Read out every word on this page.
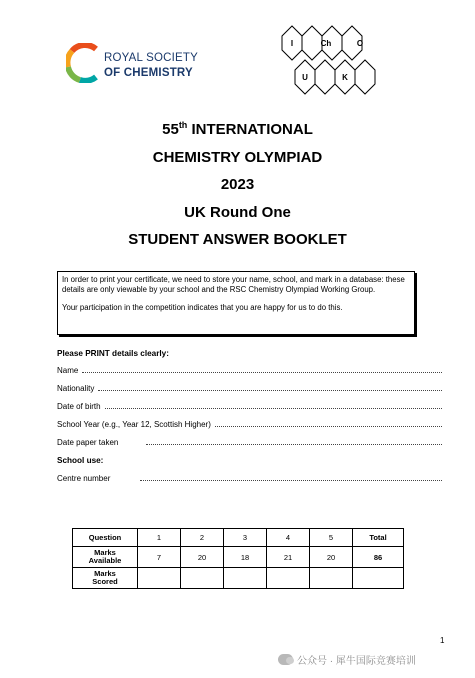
ROYAL SOCIETY
OF CHEMISTRY
I	Ch	O
U	K
55th INTERNATIONAL
CHEMISTRY OLYMPIAD
2023
UK Round One
STUDENT ANSWER BOOKLET

In order to print your certificate, we need to store your name, school, and mark in a database: these details are only viewable by your school and the RSC Chemistry Olympiad Working Group.

Your participation in the competition indicates that you are happy for us to do this.

Please PRINT details clearly:
Name
Nationality
Date of birth
School Year (e.g., Year 12, Scottish Higher)
Date paper taken
School use:
Centre number
Question	1	2	3	4	5	Total
Marks
Available	7	20	18	21	20	86
Marks
Scored						
1
公众号 · 犀牛国际竞赛培训
